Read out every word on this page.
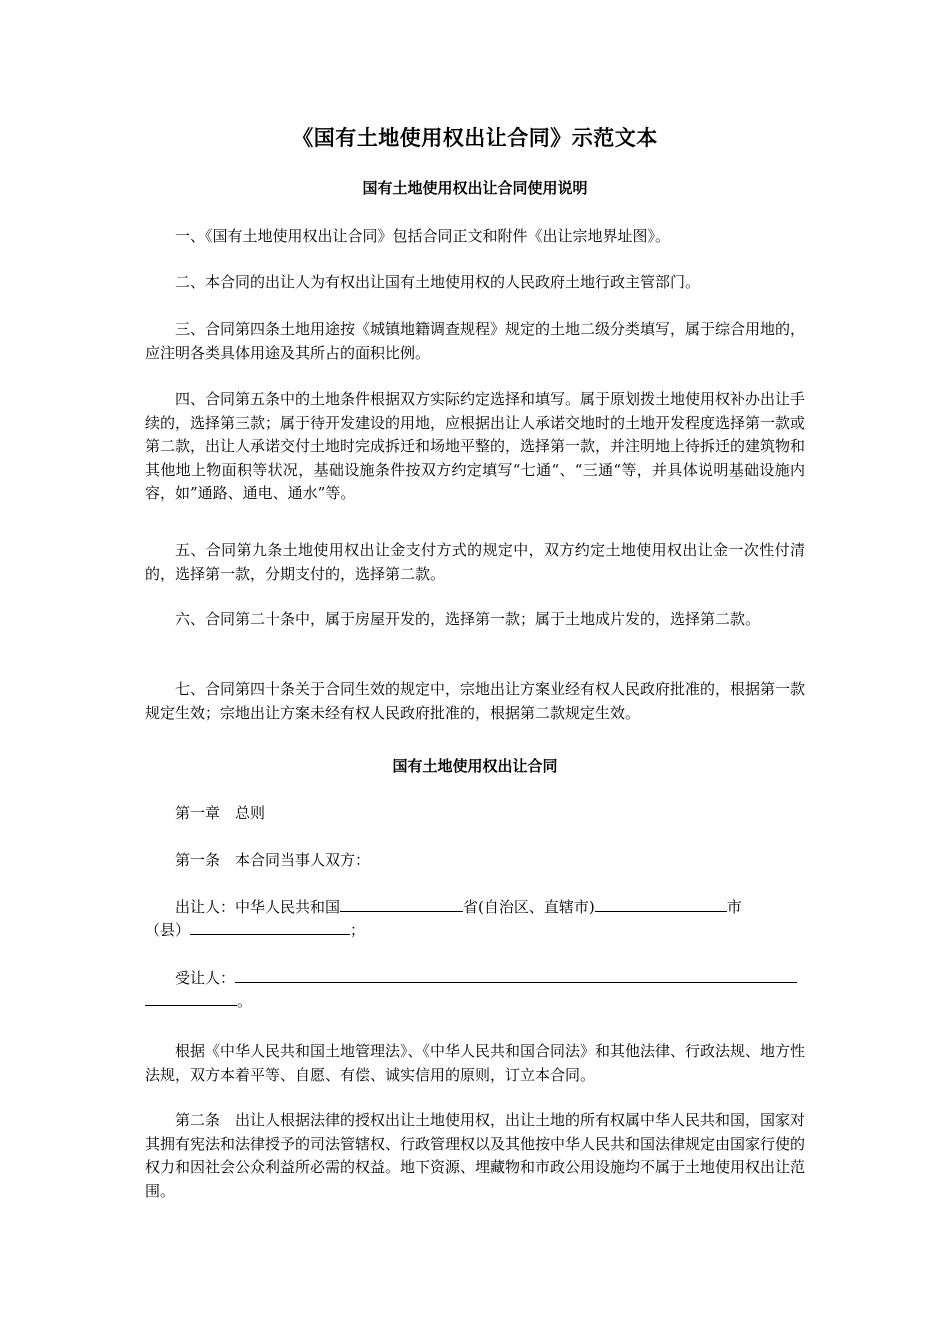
《国有土地使用权出让合同》示范文本
国有土地使用权出让合同使用说明

一、《国有土地使用权出让合同》包括合同正文和附件《出让宗地界址图》。

二、本合同的出让人为有权出让国有土地使用权的人民政府土地行政主管部门。

三、合同第四条土地用途按《城镇地籍调查规程》规定的土地二级分类填写，属于综合用地的，应注明各类具体用途及其所占的面积比例。

四、合同第五条中的土地条件根据双方实际约定选择和填写。属于原划拨土地使用权补办出让手续的，选择第三款；属于待开发建设的用地，应根据出让人承诺交地时的土地开发程度选择第一款或第二款，出让人承诺交付土地时完成拆迁和场地平整的，选择第一款，并注明地上待拆迁的建筑物和其他地上物面积等状况，基础设施条件按双方约定填写“七通“、“三通“等，并具体说明基础设施内容，如”通路、通电、通水”等。

五、合同第九条土地使用权出让金支付方式的规定中，双方约定土地使用权出让金一次性付清的，选择第一款，分期支付的，选择第二款。

六、合同第二十条中，属于房屋开发的，选择第一款；属于土地成片发的，选择第二款。

七、合同第四十条关于合同生效的规定中，宗地出让方案业经有权人民政府批准的，根据第一款规定生效；宗地出让方案未经有权人民政府批准的，根据第二款规定生效。

国有土地使用权出让合同

第一章　总则

第一条　本合同当事人双方：

出让人：中华人民共和国	省(自治区、直辖市)	市

（县）	；

受让人：

。

根据《中华人民共和国土地管理法》、《中华人民共和国合同法》和其他法律、行政法规、地方性法规，双方本着平等、自愿、有偿、诚实信用的原则，订立本合同。

第二条　出让人根据法律的授权出让土地使用权，出让土地的所有权属中华人民共和国，国家对其拥有宪法和法律授予的司法管辖权、行政管理权以及其他按中华人民共和国法律规定由国家行使的权力和因社会公众利益所必需的权益。地下资源、埋藏物和市政公用设施均不属于土地使用权出让范围。
